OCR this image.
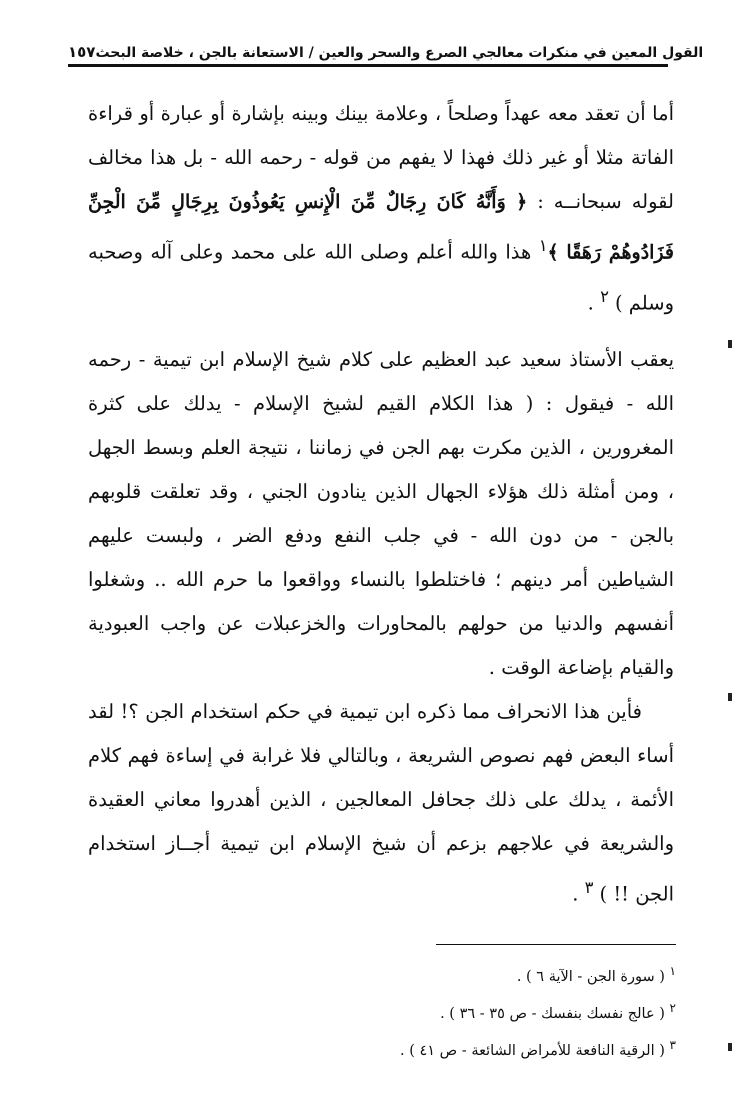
١٥٧ القول المعين في منكرات معالجي الصرع والسحر والعين / الاستعانة بالجن ، خلاصة البحث
أما أن تعقد معه عهداً وصلحاً ، وعلامة بينك وبينه بإشارة أو عبارة أو قراءة الفاتة مثلا أو غير ذلك فهذا لا يفهم من قوله - رحمه الله - بل هذا مخالف لقوله سبحانــه : ﴿ وَأَنَّهُ كَانَ رِجَالٌ مِّنَ الْإِنسِ يَعُوذُونَ بِرِجَالٍ مِّنَ الْجِنِّ فَزَادُوهُمْ رَهَقًا ﴾$^١$ هذا والله أعلم وصلى الله على محمد وعلى آله وصحبه وسلم ) $^٢$ .

يعقب الأستاذ سعيد عبد العظيم على كلام شيخ الإسلام ابن تيمية - رحمه الله - فيقول : ( هذا الكلام القيم لشيخ الإسلام - يدلك على كثرة المغرورين ، الذين مكرت بهم الجن في زماننا ، نتيجة العلم وبسط الجهل ، ومن أمثلة ذلك هؤلاء الجهال الذين ينادون الجني ، وقد تعلقت قلوبهم بالجن - من دون الله - في جلب النفع ودفع الضر ، ولبست عليهم الشياطين أمر دينهم ؛ فاختلطوا بالنساء وواقعوا ما حرم الله .. وشغلوا أنفسهم والدنيا من حولهم بالمحاورات والخزعبلات عن واجب العبودية والقيام بإضاعة الوقت .

فأين هذا الانحراف مما ذكره ابن تيمية في حكم استخدام الجن ؟! لقد أساء البعض فهم نصوص الشريعة ، وبالتالي فلا غرابة في إساءة فهم كلام الأئمة ، يدلك على ذلك جحافل المعالجين ، الذين أهدروا معاني العقيدة والشريعة في علاجهم بزعم أن شيخ الإسلام ابن تيمية أجــاز استخدام الجن !! ) $^٣$ .

$^١$ ( سورة الجن - الآية ٦ ) .

$^٢$ ( عالج نفسك بنفسك - ص ٣٥ - ٣٦ ) .

$^٣$ ( الرقية النافعة للأمراض الشائعة - ص ٤١ ) .
